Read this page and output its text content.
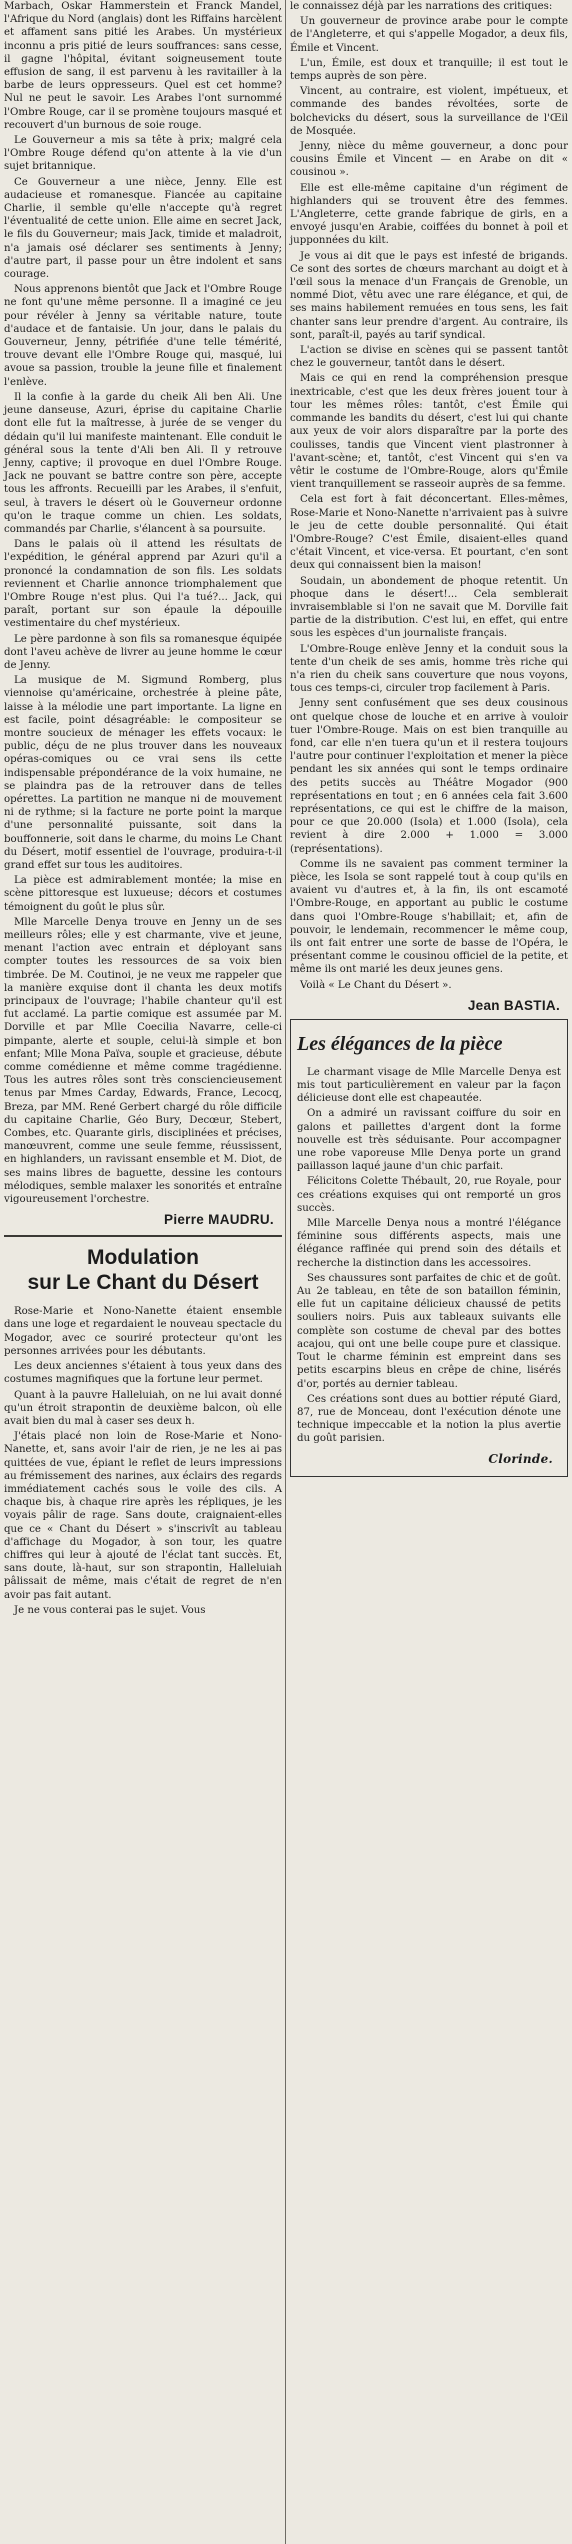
Marbach, Oskar Hammerstein et Franck Mandel, l'Afrique du Nord (anglais) dont les Riffains harcèlent et affament sans pitié les Arabes. Un mystérieux inconnu a pris pitié de leurs souffrances: sans cesse, il gagne l'hôpital, évitant soigneusement toute effusion de sang, il est parvenu à les ravitailler à la barbe de leurs oppresseurs. Quel est cet homme? Nul ne peut le savoir. Les Arabes l'ont surnommé l'Ombre Rouge, car il se promène toujours masqué et recouvert d'un burnous de soie rouge.

Le Gouverneur a mis sa tête à prix; malgré cela l'Ombre Rouge défend qu'on attente à la vie d'un sujet britannique.

Ce Gouverneur a une nièce, Jenny. Elle est audacieuse et romanesque. Fiancée au capitaine Charlie, il semble qu'elle n'accepte qu'à regret l'éventualité de cette union. Elle aime en secret Jack, le fils du Gouverneur; mais Jack, timide et maladroit, n'a jamais osé déclarer ses sentiments à Jenny; d'autre part, il passe pour un être indolent et sans courage.

Nous apprenons bientôt que Jack et l'Ombre Rouge ne font qu'une même personne. Il a imaginé ce jeu pour révéler à Jenny sa véritable nature, toute d'audace et de fantaisie. Un jour, dans le palais du Gouverneur, Jenny, pétrifiée d'une telle témérité, trouve devant elle l'Ombre Rouge qui, masqué, lui avoue sa passion, trouble la jeune fille et finalement l'enlève.

Il la confie à la garde du cheik Ali ben Ali. Une jeune danseuse, Azuri, éprise du capitaine Charlie dont elle fut la maîtresse, à jurée de se venger du dédain qu'il lui manifeste maintenant. Elle conduit le général sous la tente d'Ali ben Ali. Il y retrouve Jenny, captive; il provoque en duel l'Ombre Rouge. Jack ne pouvant se battre contre son père, accepte tous les affronts. Recueilli par les Arabes, il s'enfuit, seul, à travers le désert où le Gouverneur ordonne qu'on le traque comme un chien. Les soldats, commandés par Charlie, s'élancent à sa poursuite.

Dans le palais où il attend les résultats de l'expédition, le général apprend par Azuri qu'il a prononcé la condamnation de son fils. Les soldats reviennent et Charlie annonce triomphalement que l'Ombre Rouge n'est plus. Qui l'a tué?... Jack, qui paraît, portant sur son épaule la dépouille vestimentaire du chef mystérieux.

Le père pardonne à son fils sa romanesque équipée dont l'aveu achève de livrer au jeune homme le cœur de Jenny.

La musique de M. Sigmund Romberg, plus viennoise qu'américaine, orchestrée à pleine pâte, laisse à la mélodie une part importante. La ligne en est facile, point désagréable: le compositeur se montre soucieux de ménager les effets vocaux: le public, déçu de ne plus trouver dans les nouveaux opéras-comiques ou ce vrai sens ils cette indispensable prépondérance de la voix humaine, ne se plaindra pas de la retrouver dans de telles opérettes. La partition ne manque ni de mouvement ni de rythme; si la facture ne porte point la marque d'une personnalité puissante, soit dans la bouffonnerie, soit dans le charme, du moins Le Chant du Désert, motif essentiel de l'ouvrage, produira-t-il grand effet sur tous les auditoires.

La pièce est admirablement montée; la mise en scène pittoresque est luxueuse; décors et costumes témoignent du goût le plus sûr.

Mlle Marcelle Denya trouve en Jenny un de ses meilleurs rôles; elle y est charmante, vive et jeune, menant l'action avec entrain et déployant sans compter toutes les ressources de sa voix bien timbrée. De M. Coutinoi, je ne veux me rappeler que la manière exquise dont il chanta les deux motifs principaux de l'ouvrage; l'habile chanteur qu'il est fut acclamé. La partie comique est assumée par M. Dorville et par Mlle Coecilia Navarre, celle-ci pimpante, alerte et souple, celui-là simple et bon enfant; Mlle Mona Païva, souple et gracieuse, débute comme comédienne et même comme tragédienne. Tous les autres rôles sont très consciencieusement tenus par Mmes Carday, Edwards, France, Lecocq, Breza, par MM. René Gerbert chargé du rôle difficile du capitaine Charlie, Géo Bury, Decœur, Stebert, Combes, etc. Quarante girls, disciplinées et précises, manœuvrent, comme une seule femme, réussissent, en highlanders, un ravissant ensemble et M. Diot, de ses mains libres de baguette, dessine les contours mélodiques, semble malaxer les sonorités et entraîne vigoureusement l'orchestre.

Pierre MAUDRU.
Modulation
sur Le Chant du Désert

Rose-Marie et Nono-Nanette étaient ensemble dans une loge et regardaient le nouveau spectacle du Mogador, avec ce souriré protecteur qu'ont les personnes arrivées pour les débutants.

Les deux anciennes s'étaient à tous yeux dans des costumes magnifiques que la fortune leur permet.

Quant à la pauvre Halleluiah, on ne lui avait donné qu'un étroit strapontin de deuxième balcon, où elle avait bien du mal à caser ses deux h.

J'étais placé non loin de Rose-Marie et Nono-Nanette, et, sans avoir l'air de rien, je ne les ai pas quittées de vue, épiant le reflet de leurs impressions au frémissement des narines, aux éclairs des regards immédiatement cachés sous le voile des cils. A chaque bis, à chaque rire après les répliques, je les voyais pâlir de rage. Sans doute, craignaient-elles que ce « Chant du Désert » s'inscrivît au tableau d'affichage du Mogador, à son tour, les quatre chiffres qui leur à ajouté de l'éclat tant succès. Et, sans doute, là-haut, sur son strapontin, Halleluiah pâlissait de même, mais c'était de regret de n'en avoir pas fait autant.

Je ne vous conterai pas le sujet. Vous

le connaissez déjà par les narrations des critiques:

Un gouverneur de province arabe pour le compte de l'Angleterre, et qui s'appelle Mogador, a deux fils, Émile et Vincent.

L'un, Émile, est doux et tranquille; il est tout le temps auprès de son père.

Vincent, au contraire, est violent, impétueux, et commande des bandes révoltées, sorte de bolchevicks du désert, sous la surveillance de l'Œil de Mosquée.

Jenny, nièce du même gouverneur, a donc pour cousins Émile et Vincent — en Arabe on dit « cousinou ».

Elle est elle-même capitaine d'un régiment de highlanders qui se trouvent être des femmes. L'Angleterre, cette grande fabrique de girls, en a envoyé jusqu'en Arabie, coiffées du bonnet à poil et jupponnées du kilt.

Je vous ai dit que le pays est infesté de brigands. Ce sont des sortes de chœurs marchant au doigt et à l'œil sous la menace d'un Français de Grenoble, un nommé Diot, vêtu avec une rare élégance, et qui, de ses mains habilement remuées en tous sens, les fait chanter sans leur prendre d'argent. Au contraire, ils sont, paraît-il, payés au tarif syndical.

L'action se divise en scènes qui se passent tantôt chez le gouverneur, tantôt dans le désert.

Mais ce qui en rend la compréhension presque inextricable, c'est que les deux frères jouent tour à tour les mêmes rôles: tantôt, c'est Émile qui commande les bandits du désert, c'est lui qui chante aux yeux de voir alors disparaître par la porte des coulisses, tandis que Vincent vient plastronner à l'avant-scène; et, tantôt, c'est Vincent qui s'en va vêtir le costume de l'Ombre-Rouge, alors qu'Émile vient tranquillement se rasseoir auprès de sa femme.

Cela est fort à fait déconcertant. Elles-mêmes, Rose-Marie et Nono-Nanette n'arrivaient pas à suivre le jeu de cette double personnalité. Qui était l'Ombre-Rouge? C'est Émile, disaient-elles quand c'était Vincent, et vice-versa. Et pourtant, c'en sont deux qui connaissent bien la maison!

Soudain, un abondement de phoque retentit. Un phoque dans le désert!... Cela semblerait invraisemblable si l'on ne savait que M. Dorville fait partie de la distribution. C'est lui, en effet, qui entre sous les espèces d'un journaliste français.

L'Ombre-Rouge enlève Jenny et la conduit sous la tente d'un cheik de ses amis, homme très riche qui n'a rien du cheik sans couverture que nous voyons, tous ces temps-ci, circuler trop facilement à Paris.

Jenny sent confusément que ses deux cousinous ont quelque chose de louche et en arrive à vouloir tuer l'Ombre-Rouge. Mais on est bien tranquille au fond, car elle n'en tuera qu'un et il restera toujours l'autre pour continuer l'exploitation et mener la pièce pendant les six années qui sont le temps ordinaire des petits succès au Théâtre Mogador (900 représentations en tout ; en 6 années cela fait 3.600 représentations, ce qui est le chiffre de la maison, pour ce que 20.000 (Isola) et 1.000 (Isola), cela revient à dire 2.000 + 1.000 = 3.000 (représentations).

Comme ils ne savaient pas comment terminer la pièce, les Isola se sont rappelé tout à coup qu'ils en avaient vu d'autres et, à la fin, ils ont escamoté l'Ombre-Rouge, en apportant au public le costume dans quoi l'Ombre-Rouge s'habillait; et, afin de pouvoir, le lendemain, recommencer le même coup, ils ont fait entrer une sorte de basse de l'Opéra, le présentant comme le cousinou officiel de la petite, et même ils ont marié les deux jeunes gens.

Voilà « Le Chant du Désert ».

Jean BASTIA.
Les élégances de la pièce

Le charmant visage de Mlle Marcelle Denya est mis tout particulièrement en valeur par la façon délicieuse dont elle est chapeautée.

On a admiré un ravissant coiffure du soir en galons et paillettes d'argent dont la forme nouvelle est très séduisante. Pour accompagner une robe vaporeuse Mlle Denya porte un grand paillasson laqué jaune d'un chic parfait.

Félicitons Colette Thébault, 20, rue Royale, pour ces créations exquises qui ont remporté un gros succès.

Mlle Marcelle Denya nous a montré l'élégance féminine sous différents aspects, mais une élégance raffinée qui prend soin des détails et recherche la distinction dans les accessoires.

Ses chaussures sont parfaites de chic et de goût. Au 2e tableau, en tête de son bataillon féminin, elle fut un capitaine délicieux chaussé de petits souliers noirs. Puis aux tableaux suivants elle complète son costume de cheval par des bottes acajou, qui ont une belle coupe pure et classique. Tout le charme féminin est empreint dans ses petits escarpins bleus en crêpe de chine, lisérés d'or, portés au dernier tableau.

Ces créations sont dues au bottier réputé Giard, 87, rue de Monceau, dont l'exécution dénote une technique impeccable et la notion la plus avertie du goût parisien.

Clorinde.
